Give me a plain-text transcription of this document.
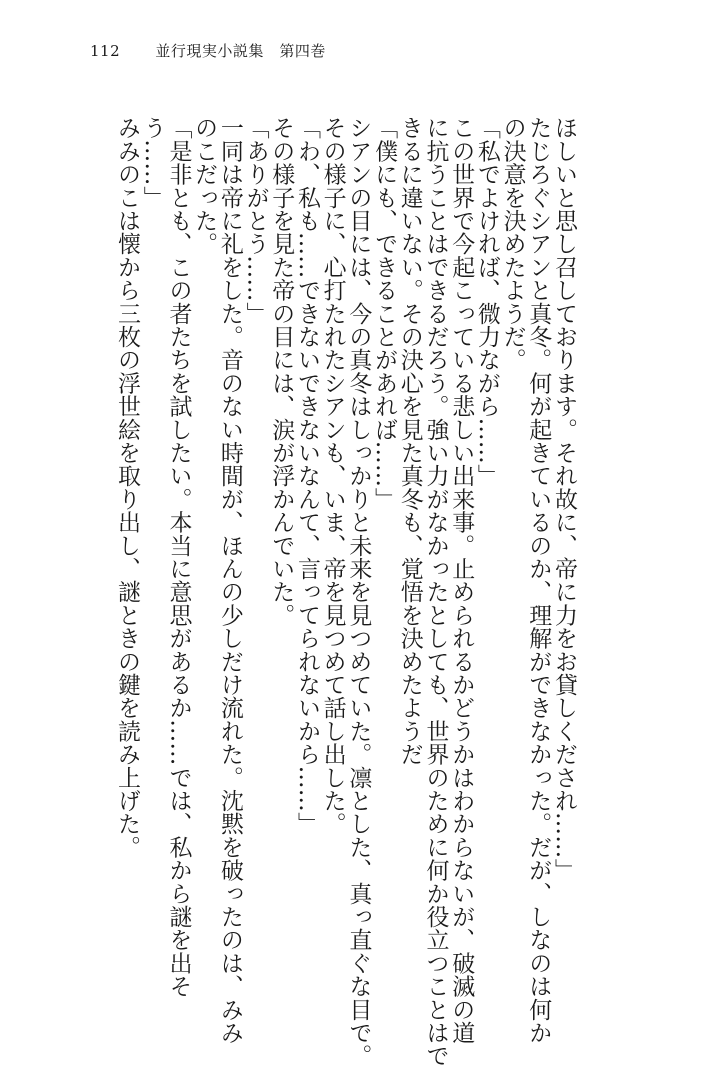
112 並行現実小説集　第四巻

ほしいと思し召しております。それ故に、帝に力をお貸しくだされ……」

たじろぐシアンと真冬。何が起きているのか、理解ができなかった。だが、しなのは何か

の決意を決めたようだ。

「私でよければ、微力ながら……」

この世界で今起こっている悲しい出来事。止められるかどうかはわからないが、破滅の道

に抗うことはできるだろう。強い力がなかったとしても、世界のために何か役立つことはで

きるに違いない。その決心を見た真冬も、覚悟を決めたようだ

「僕にも、できることがあれば……」

シアンの目には、今の真冬はしっかりと未来を見つめていた。凛とした、真っ直ぐな目で。

その様子に、心打たれたシアンも、いま、帝を見つめて話し出した。

「わ、私も……できないできないなんて、言ってられないから……」

その様子を見た帝の目には、涙が浮かんでいた。

「ありがとう……」

一同は帝に礼をした。音のない時間が、ほんの少しだけ流れた。沈黙を破ったのは、みみ

のこだった。

「是非とも、この者たちを試したい。本当に意思があるか……では、私から謎を出そ

う……」

みみのこは懐から三枚の浮世絵を取り出し、謎ときの鍵を読み上げた。
